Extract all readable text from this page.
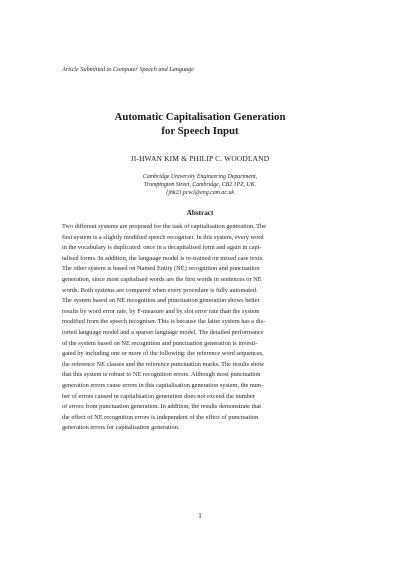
Article Submitted to Computer Speech and Language
Automatic Capitalisation Generation
for Speech Input
JI-HWAN KIM & PHILIP C. WOODLAND
Cambridge University Engineering Department,
Trumpington Street, Cambridge, CB2 1PZ, UK.
{jhk23,pcw}@eng.cam.ac.uk
Abstract
Two different systems are proposed for the task of capitalisation generation. The
first system is a slightly modified speech recogniser. In this system, every word
in the vocabulary is duplicated: once in a decapitalised form and again in capi-
talised forms. In addition, the language model is re-trained on mixed case texts.
The other system is based on Named Entity (NE) recognition and punctuation
generation, since most capitalised words are the first words in sentences or NE
words. Both systems are compared when every procedure is fully automated.
The system based on NE recognition and punctuation generation shows better
results by word error rate, by F-measure and by slot error rate than the system
modified from the speech recogniser. This is because the latter system has a dis-
torted language model and a sparser language model. The detailed performance
of the system based on NE recognition and punctuation generation is investi-
gated by including one or more of the following: the reference word sequences,
the reference NE classes and the reference punctuation marks. The results show
that this system is robust to NE recognition errors. Although most punctuation
generation errors cause errors in this capitalisation generation system, the num-
ber of errors caused in capitalisation generation does not exceed the number
of errors from punctuation generation. In addition, the results demonstrate that
the effect of NE recognition errors is independent of the effect of punctuation
generation errors for capitalisation generation.
1
